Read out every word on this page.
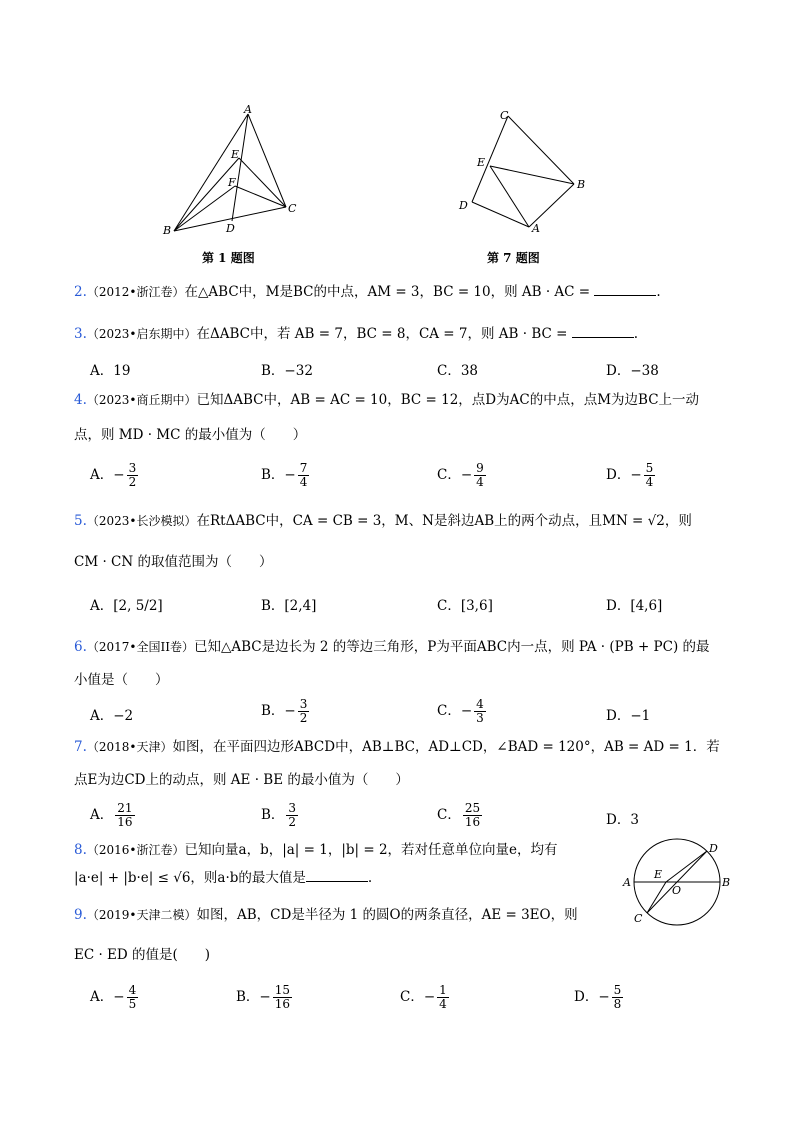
A
E
F
B	D
C
第 1 题图
C
E
B
D
A
第 7 题图
2.（2012•浙江卷）在△ABC中，M是BC的中点，AM = 3，BC = 10，则 AB · AC =	.
3.（2023•启东期中）在ΔABC中，若 AB = 7，BC = 8，CA = 7，则 AB · BC =	.
A．19	B．−32	C．38	D．−38
4.（2023•商丘期中）已知ΔABC中，AB = AC = 10，BC = 12，点D为AC的中点，点M为边BC上一动
点，则 MD · MC 的最小值为（　　）
A．− $\frac{3}{2}$	B．− $\frac{7}{4}$	C．− $\frac{9}{4}$	D．− $\frac{5}{4}$
5.（2023•长沙模拟）在RtΔABC中，CA = CB = 3，M、N是斜边AB上的两个动点，且MN = √2，则
CM · CN 的取值范围为（　　）
A．[2, 5/2]	B．[2,4]	C．[3,6]	D．[4,6]
6.（2017•全国II卷）已知△ABC是边长为 2 的等边三角形，P为平面ABC内一点，则 PA · (PB + PC) 的最
小值是（　　）
A．−2	B．− $\frac{3}{2}$	C．− $\frac{4}{3}$	D．−1
7.（2018•天津）如图，在平面四边形ABCD中，AB⊥BC，AD⊥CD，∠BAD = 120°，AB = AD = 1．若
点E为边CD上的动点，则 AE · BE 的最小值为（　　）
A． $\frac{21}{16}$	B． $\frac{3}{2}$	C． $\frac{25}{16}$	D．3
8.（2016•浙江卷）已知向量a，b，|a| = 1，|b| = 2，若对任意单位向量e，均有
|a·e| + |b·e| ≤ √6，则a·b的最大值是	.	A	B
C
D
E
O
9.（2019•天津二模）如图，AB，CD是半径为 1 的圆O的两条直径，AE = 3EO，则
EC · ED 的值是(　　)
A．− $\frac{4}{5}$	B．− $\frac{15}{16}$	C．− $\frac{1}{4}$	D．− $\frac{5}{8}$
